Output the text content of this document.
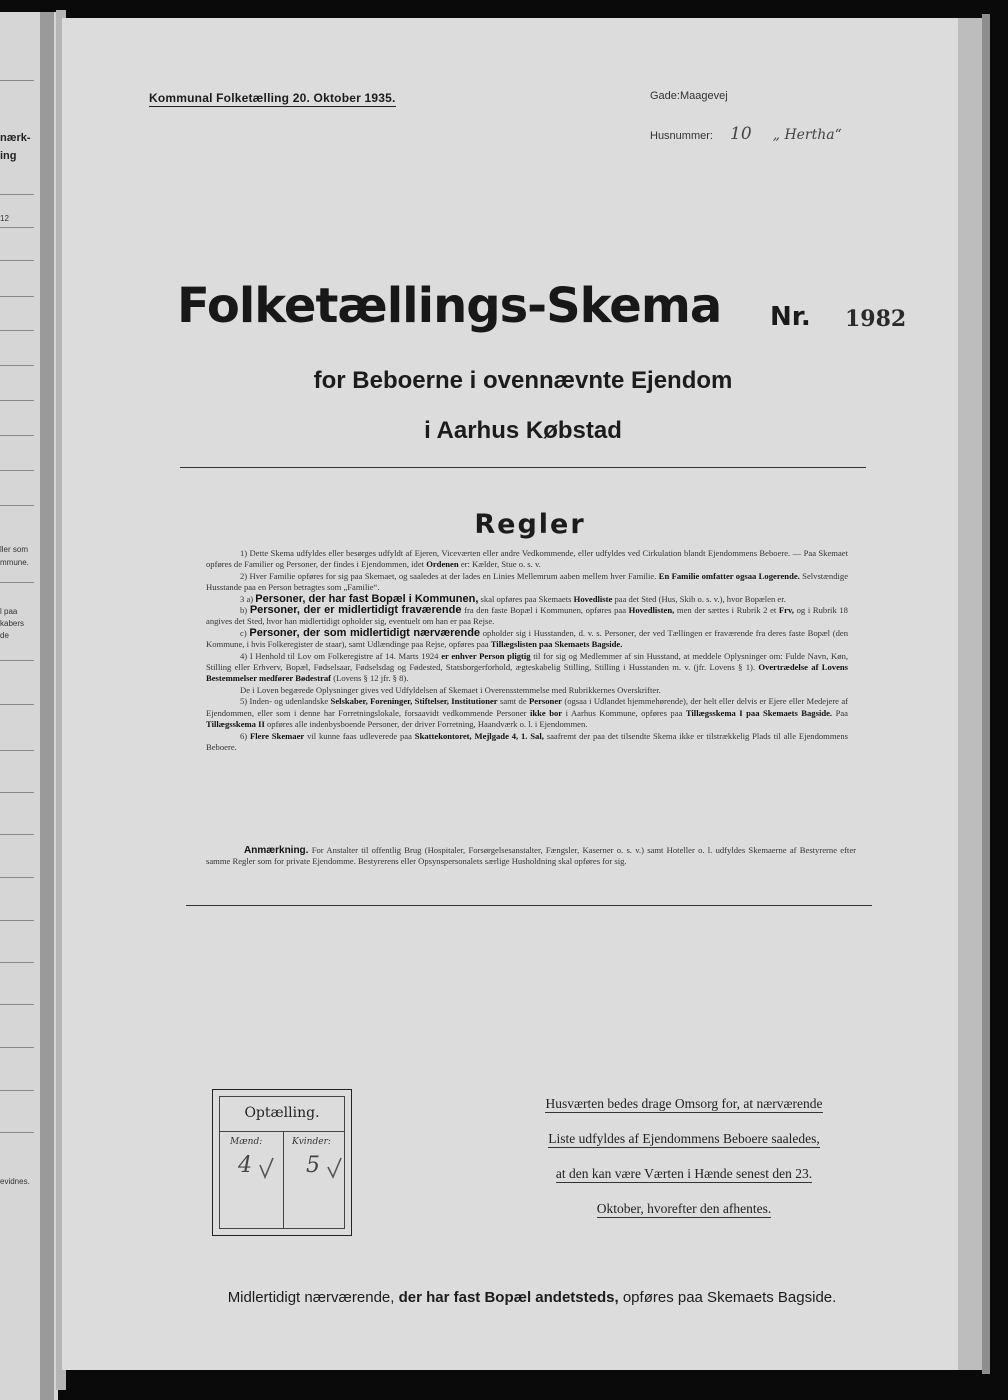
nærk-
ing
12
ller som
mmune.
l paa
kabers
de
evidnes.
Kommunal Folketælling 20. Oktober 1935.	Gade:Maagevej
Husnummer: 10 „ Hertha“
Folketællings-Skema Nr. 1982
for Beboerne i ovennævnte Ejendom
i Aarhus Købstad
Regler

1) Dette Skema udfyldes eller besørges udfyldt af Ejeren, Viceværten eller andre Vedkommende, eller udfyldes ved Cirkulation blandt Ejendommens Beboere. — Paa Skemaet opføres de Familier og Personer, der findes i Ejendommen, idet Ordenen er: Kælder, Stue o. s. v.

2) Hver Familie opføres for sig paa Skemaet, og saaledes at der lades en Linies Mellemrum aaben mellem hver Familie. En Familie omfatter ogsaa Logerende. Selvstændige Husstande paa en Person betragtes som „Familie“.

3 a) Personer, der har fast Bopæl i Kommunen, skal opføres paa Skemaets Hovedliste paa det Sted (Hus, Skib o. s. v.), hvor Bopælen er.

b) Personer, der er midlertidigt fraværende fra den faste Bopæl i Kommunen, opføres paa Hovedlisten, men der sættes i Rubrik 2 et Frv, og i Rubrik 18 angives det Sted, hvor han midlertidigt opholder sig, eventuelt om han er paa Rejse.

c) Personer, der som midlertidigt nærværende opholder sig i Husstanden, d. v. s. Personer, der ved Tællingen er fraværende fra deres faste Bopæl (den Kommune, i hvis Folkeregister de staar), samt Udlændinge paa Rejse, opføres paa Tillægslisten paa Skemaets Bagside.

4) I Henhold til Lov om Folkeregistre af 14. Marts 1924 er enhver Person pligtig til for sig og Medlemmer af sin Husstand, at meddele Oplysninger om: Fulde Navn, Køn, Stilling eller Erhverv, Bopæl, Fødselsaar, Fødselsdag og Fødested, Statsborgerforhold, ægteskabelig Stilling, Stilling i Husstanden m. v. (jfr. Lovens § 1). Overtrædelse af Lovens Bestemmelser medfører Bødestraf (Lovens § 12 jfr. § 8).

De i Loven begærede Oplysninger gives ved Udfyldelsen af Skemaet i Overensstemmelse med Rubrikkernes Overskrifter.

5) Inden- og udenlandske Selskaber, Foreninger, Stiftelser, Institutioner samt de Personer (ogsaa i Udlandet hjemmehørende), der helt eller delvis er Ejere eller Medejere af Ejendommen, eller som i denne har Forretningslokale, forsaavidt vedkommende Personer ikke bor i Aarhus Kommune, opføres paa Tillægsskema I paa Skemaets Bagside. Paa Tillægsskema II opføres alle indenbysboende Personer, der driver Forretning, Haandværk o. l. i Ejendommen.

6) Flere Skemaer vil kunne faas udleverede paa Skattekontoret, Mejlgade 4, 1. Sal, saafremt der paa det tilsendte Skema ikke er tilstrækkelig Plads til alle Ejendommens Beboere.

Anmærkning. For Anstalter til offentlig Brug (Hospitaler, Forsørgelsesanstalter, Fængsler, Kaserner o. s. v.) samt Hoteller o. l. udfyldes Skemaerne af Bestyrerne efter samme Regler som for private Ejendomme. Bestyrerens eller Opsynspersonalets særlige Husholdning skal opføres for sig.

Optælling.
Mænd:	Kvinder:
4 5
Husværten bedes drage Omsorg for, at nærværende
Liste udfyldes af Ejendommens Beboere saaledes,
at den kan være Værten i Hænde senest den 23.
Oktober, hvorefter den afhentes.
Midlertidigt nærværende, der har fast Bopæl andetsteds, opføres paa Skemaets Bagside.
